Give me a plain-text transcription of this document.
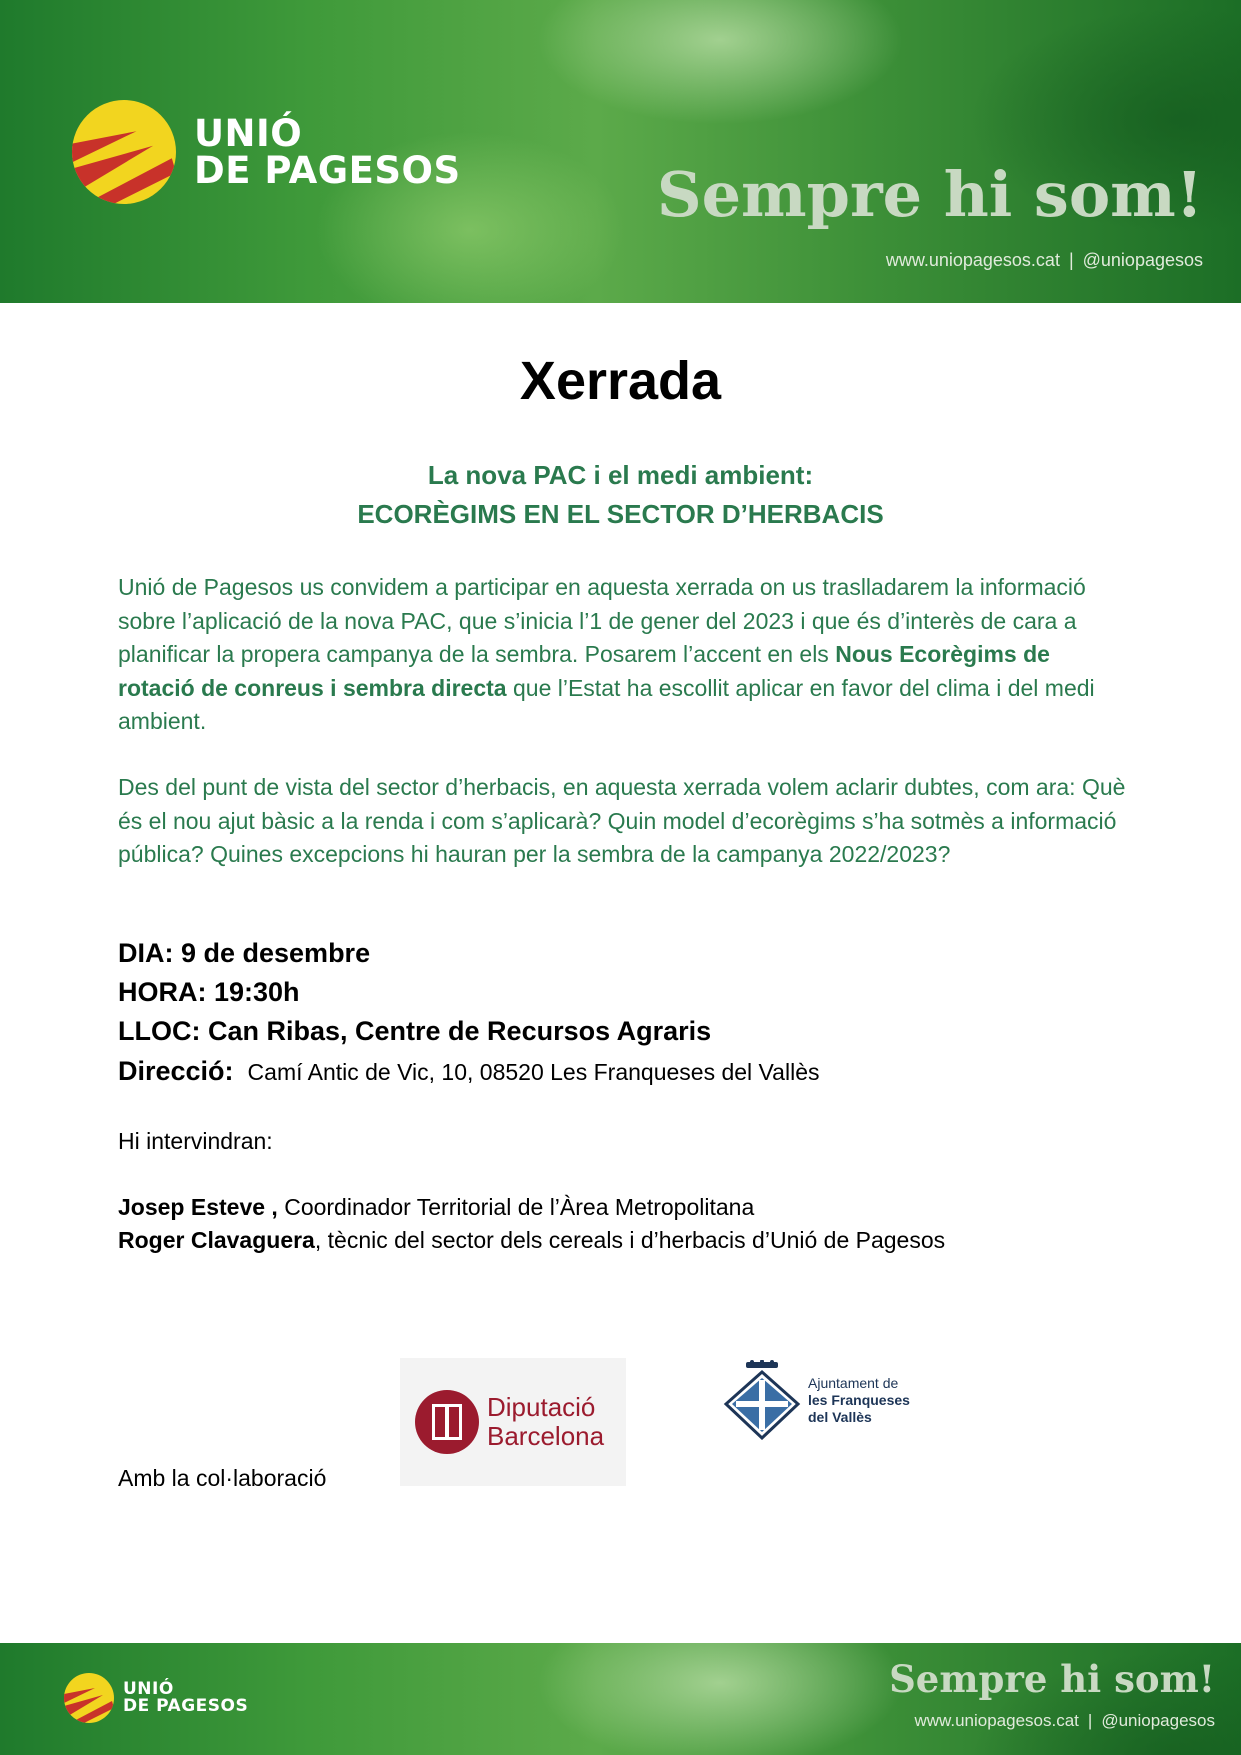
UNIÓ
DE PAGESOS	Sempre hi som!
www.uniopagesos.cat | @uniopagesos
Xerrada
La nova PAC i el medi ambient:
ECORÈGIMS EN EL SECTOR D’HERBACIS

Unió de Pagesos us convidem a participar en aquesta xerrada on us traslladarem la informació sobre l’aplicació de la nova PAC, que s’inicia l’1 de gener del 2023 i que és d’interès de cara a planificar la propera campanya de la sembra. Posarem l’accent en els Nous Ecorègims de rotació de conreus i sembra directa que l’Estat ha escollit aplicar en favor del clima i del medi ambient.

Des del punt de vista del sector d’herbacis, en aquesta xerrada volem aclarir dubtes, com ara: Què és el nou ajut bàsic a la renda i com s’aplicarà? Quin model d’ecorègims s’ha sotmès a informació pública? Quines excepcions hi hauran per la sembra de la campanya 2022/2023?

DIA: 9 de desembre
HORA: 19:30h
LLOC: Can Ribas, Centre de Recursos Agraris
Direcció: Camí Antic de Vic, 10, 08520 Les Franqueses del Vallès
Hi intervindran:
Josep Esteve , Coordinador Territorial de l’Àrea Metropolitana
Roger Clavaguera, tècnic del sector dels cereals i d’herbacis d’Unió de Pagesos
Amb la col·laboració
Diputació
Barcelona
Ajuntament de
les Franqueses
del Vallès
UNIÓ
DE PAGESOS
Sempre hi som!
www.uniopagesos.cat | @uniopagesos
